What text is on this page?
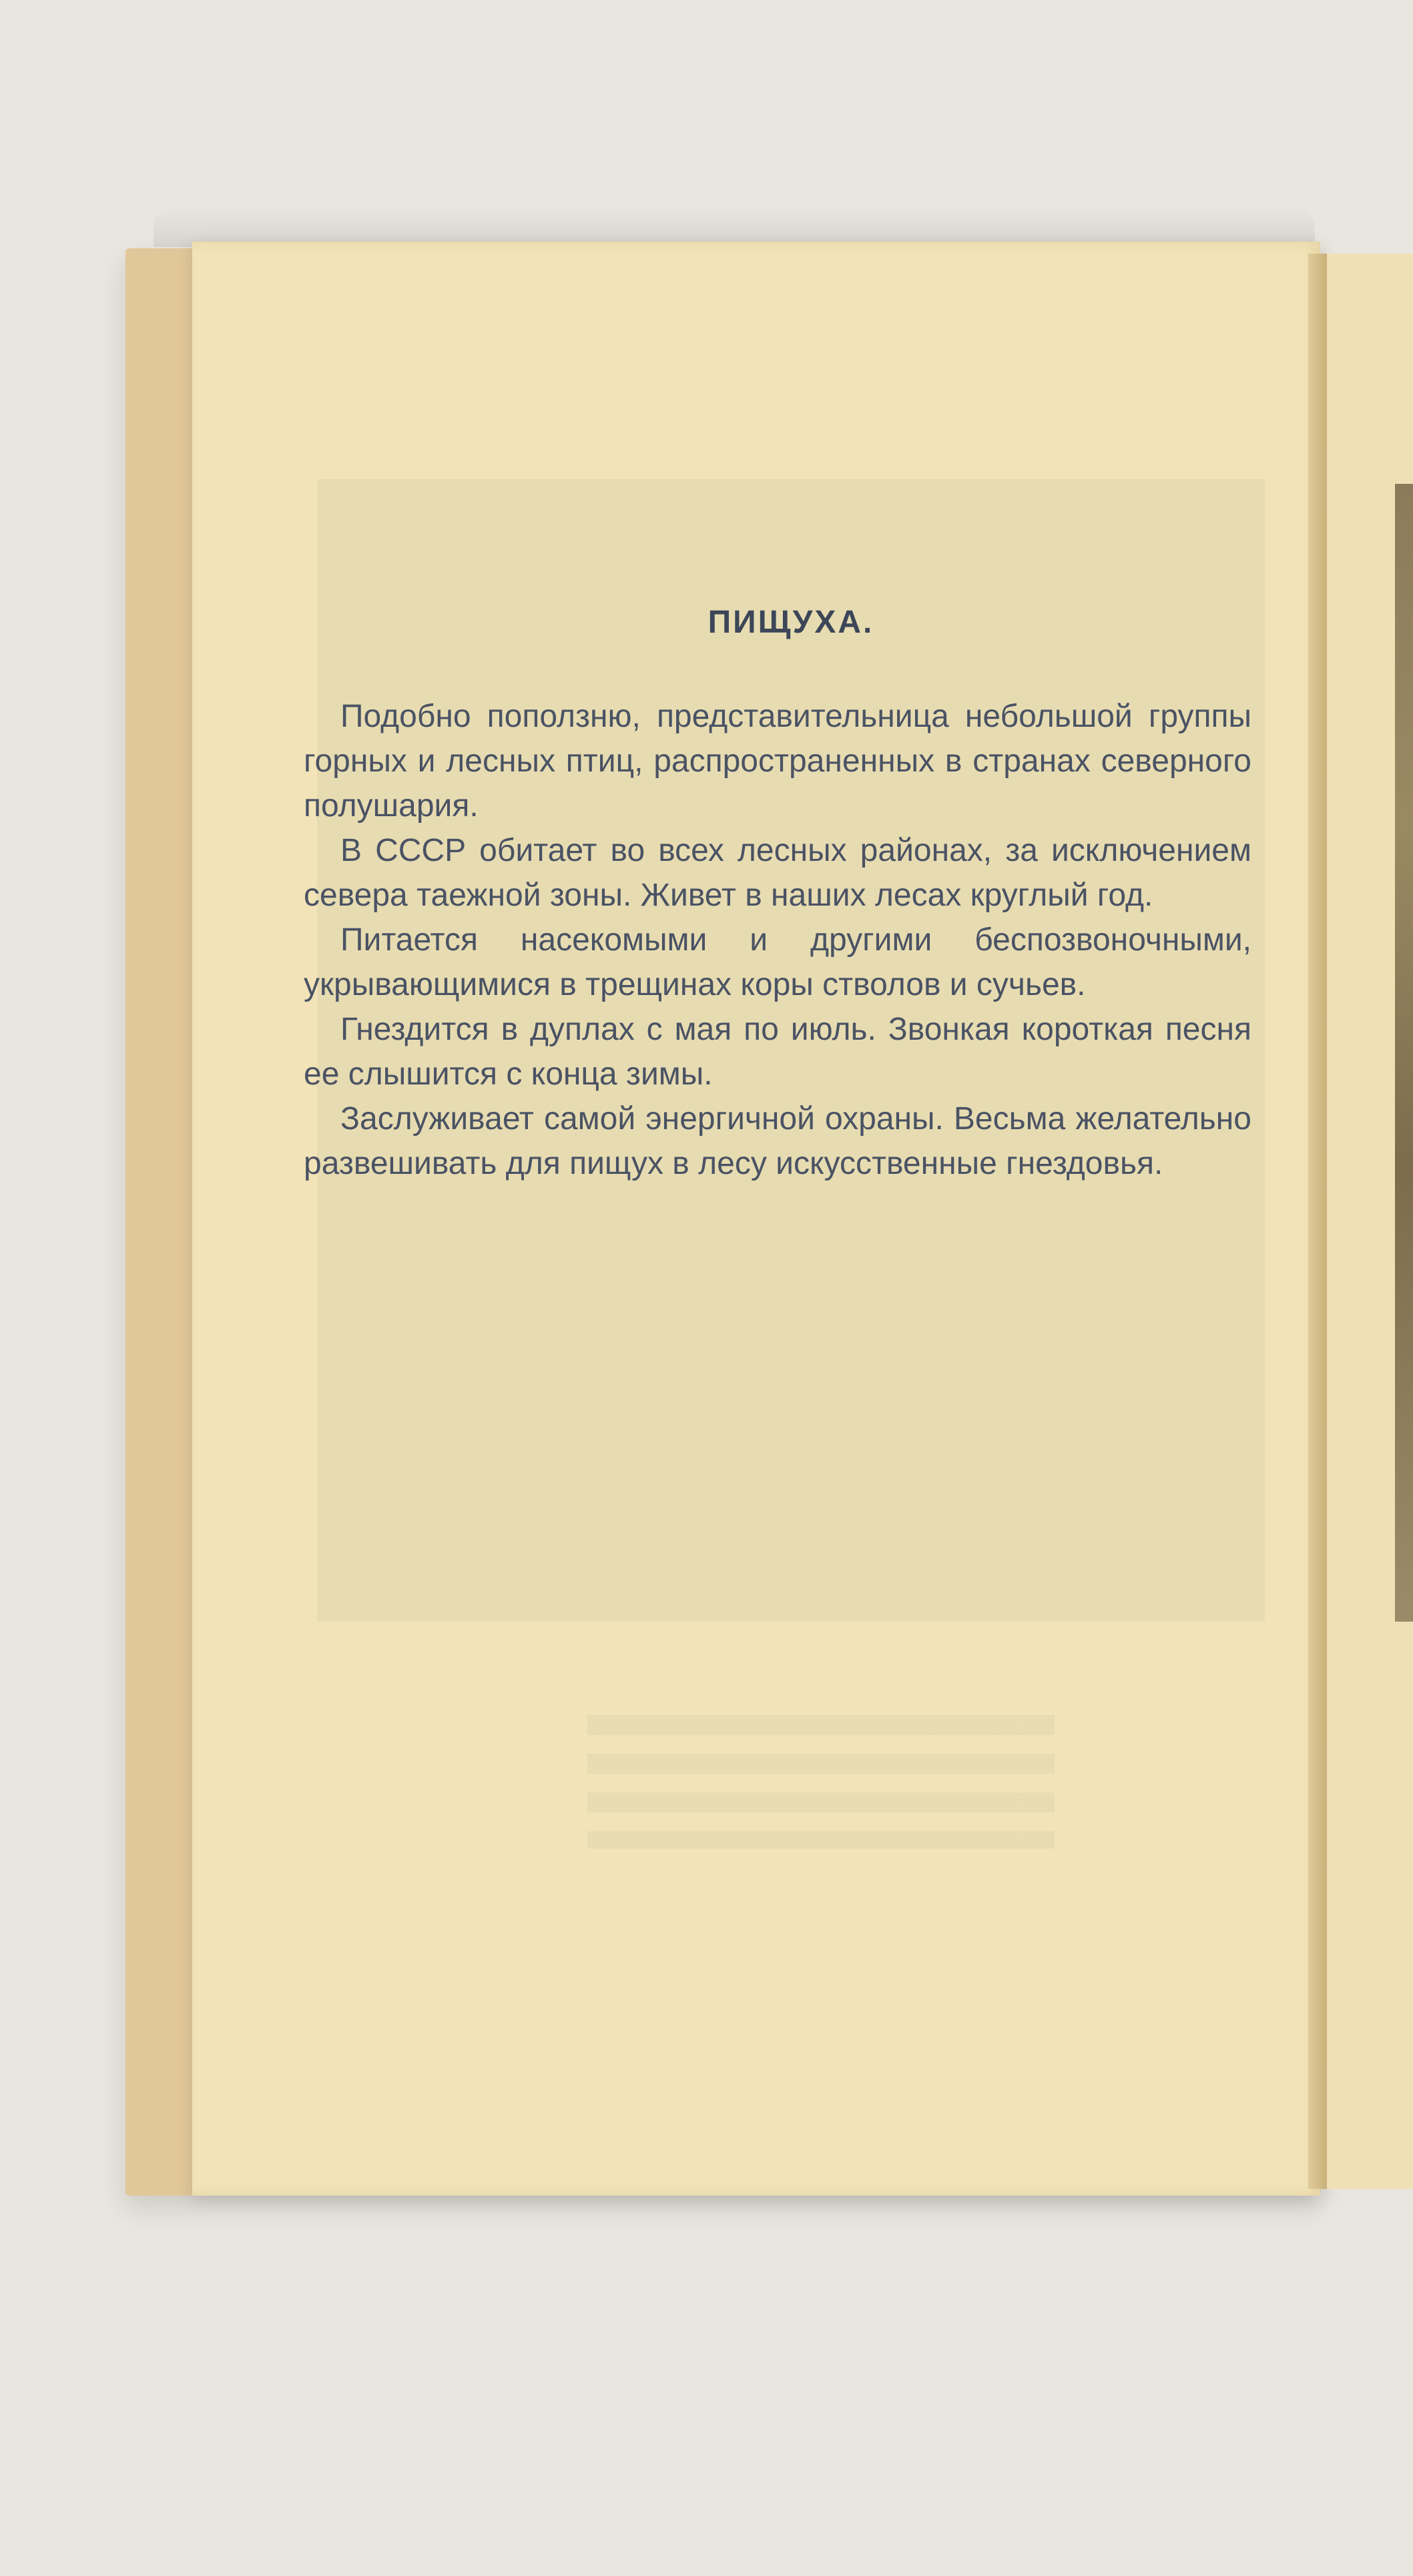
ПИЩУХА.

Подобно поползню, представительница небольшой группы горных и лесных птиц, распространенных в странах северного полушария.

В СССР обитает во всех лесных районах, за исключением севера таежной зоны. Живет в наших лесах круглый год.

Питается насекомыми и другими беспозвоночными, укрывающимися в трещинах коры стволов и сучьев.

Гнездится в дуплах с мая по июль. Звонкая короткая песня ее слышится с конца зимы.

Заслуживает самой энергичной охраны. Весьма желательно развешивать для пищух в лесу искусственные гнездовья.
